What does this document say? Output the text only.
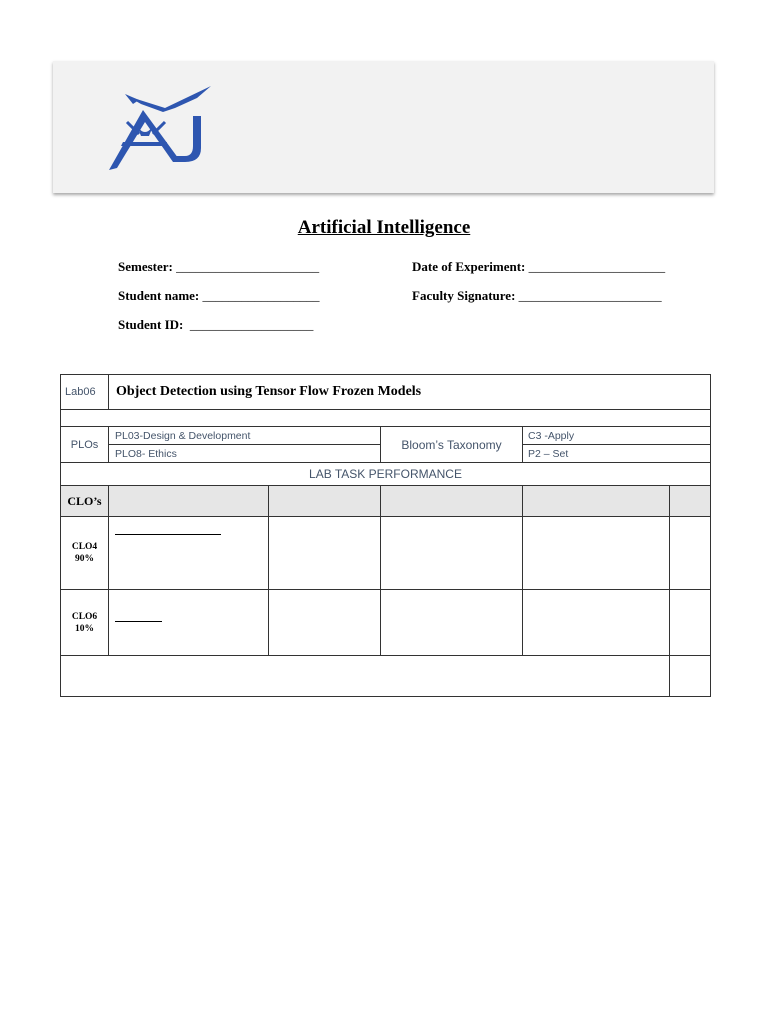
Artificial Intelligence
Semester: ______________________	Date of Experiment: _____________________
Student name: __________________	Faculty Signature: ______________________
Student ID:  ___________________
Lab06	Object Detection using Tensor Flow Frozen Models				

PLOs	PL03-Design & Development		Bloom’s Taxonomy	C3 -Apply	
	PLO8- Ethics			P2 – Set	
LAB TASK PERFORMANCE					
CLO’s					

CLO4
90%					

CLO6
10%					
